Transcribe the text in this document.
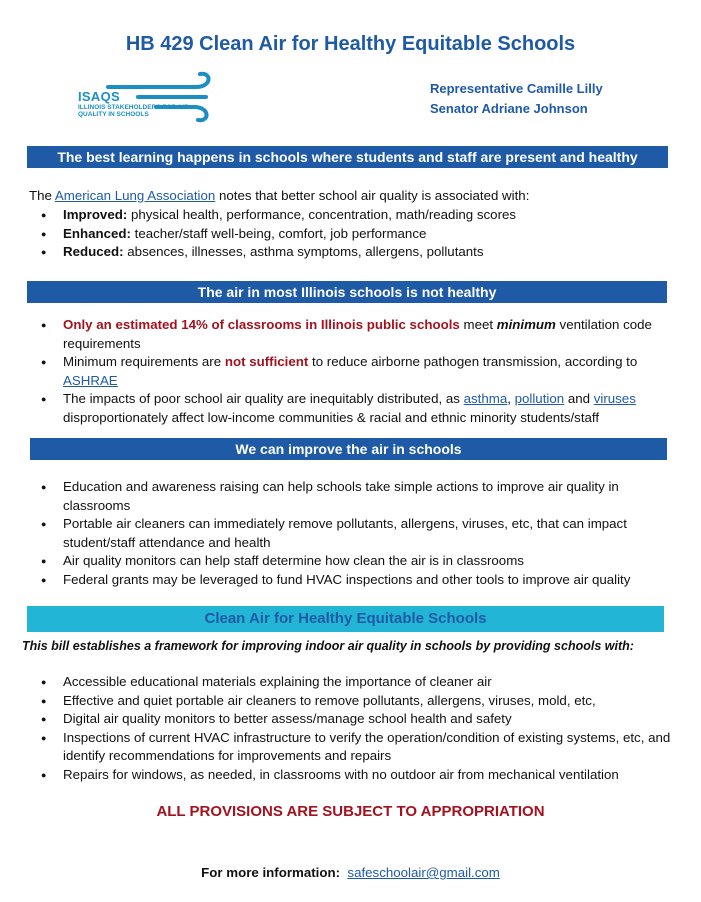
HB 429 Clean Air for Healthy Equitable Schools
ISAQS
ILLINOIS STAKEHOLDERS FOR AIR QUALITY IN SCHOOLS
Representative Camille Lilly
Senator Adriane Johnson
The best learning happens in schools where students and staff are present and healthy
The American Lung Association notes that better school air quality is associated with:
● Improved: physical health, performance, concentration, math/reading scores
● Enhanced: teacher/staff well-being, comfort, job performance
● Reduced: absences, illnesses, asthma symptoms, allergens, pollutants
The air in most Illinois schools is not healthy
● Only an estimated 14% of classrooms in Illinois public schools meet minimum ventilation code requirements
● Minimum requirements are not sufficient to reduce airborne pathogen transmission, according to ASHRAE
● The impacts of poor school air quality are inequitably distributed, as asthma, pollution and viruses disproportionately affect low-income communities & racial and ethnic minority students/staff
We can improve the air in schools
● Education and awareness raising can help schools take simple actions to improve air quality in classrooms
● Portable air cleaners can immediately remove pollutants, allergens, viruses, etc, that can impact student/staff attendance and health
● Air quality monitors can help staff determine how clean the air is in classrooms
● Federal grants may be leveraged to fund HVAC inspections and other tools to improve air quality
Clean Air for Healthy Equitable Schools
This bill establishes a framework for improving indoor air quality in schools by providing schools with:
● Accessible educational materials explaining the importance of cleaner air
● Effective and quiet portable air cleaners to remove pollutants, allergens, viruses, mold, etc,
● Digital air quality monitors to better assess/manage school health and safety
● Inspections of current HVAC infrastructure to verify the operation/condition of existing systems, etc, and identify recommendations for improvements and repairs
● Repairs for windows, as needed, in classrooms with no outdoor air from mechanical ventilation
ALL PROVISIONS ARE SUBJECT TO APPROPRIATION
For more information: safeschoolair@gmail.com
